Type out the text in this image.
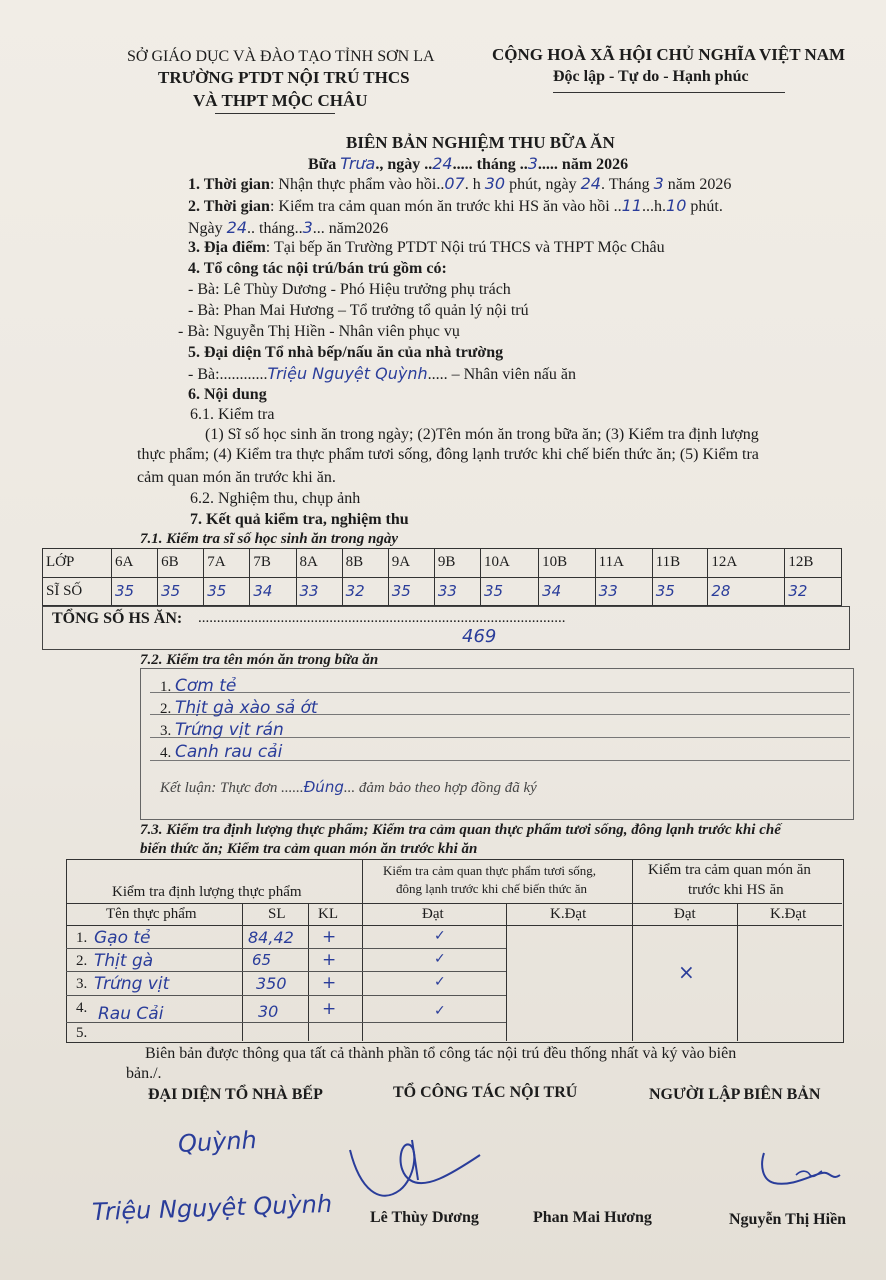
SỞ GIÁO DỤC VÀ ĐÀO TẠO TỈNH SƠN LA
TRƯỜNG PTDT NỘI TRÚ THCS
VÀ THPT MỘC CHÂU
CỘNG HOÀ XÃ HỘI CHỦ NGHĨA VIỆT NAM
Độc lập - Tự do - Hạnh phúc
BIÊN BẢN NGHIỆM THU BỮA ĂN
Bữa Trưa., ngày ..24..... tháng ..3..... năm 2026
1. Thời gian: Nhận thực phẩm vào hồi..07. h 30 phút, ngày 24. Tháng 3 năm 2026
2. Thời gian: Kiểm tra cảm quan món ăn trước khi HS ăn vào hồi ..11...h.10 phút.
Ngày 24.. tháng..3... năm2026
3. Địa điểm: Tại bếp ăn Trường PTDT Nội trú THCS và THPT Mộc Châu
4. Tổ công tác nội trú/bán trú gồm có:
- Bà: Lê Thùy Dương - Phó Hiệu trưởng phụ trách
- Bà: Phan Mai Hương – Tổ trưởng tổ quản lý nội trú
- Bà: Nguyễn Thị Hiền - Nhân viên phục vụ
5. Đại diện Tổ nhà bếp/nấu ăn của nhà trường
- Bà:............Triệu Nguyệt Quỳnh..... – Nhân viên nấu ăn
6. Nội dung
6.1. Kiểm tra
(1) Sĩ số học sinh ăn trong ngày; (2)Tên món ăn trong bữa ăn; (3) Kiểm tra định lượng
thực phẩm; (4) Kiểm tra thực phẩm tươi sống, đông lạnh trước khi chế biến thức ăn; (5) Kiểm tra
cảm quan món ăn trước khi ăn.
6.2. Nghiệm thu, chụp ảnh
7. Kết quả kiểm tra, nghiệm thu
7.1. Kiểm tra sĩ số học sinh ăn trong ngày
LỚP	6A	6B	7A	7B	8A	8B	9A	9B	10A	10B	11A	11B	12A	12B
SĨ SỐ	35	35	35	34	33	32	35	33	35	34	33	35	28	32
TỔNG SỐ HS ĂN: ..................................................................................................
469
7.2. Kiểm tra tên món ăn trong bữa ăn
1. Cơm tẻ
2. Thịt gà xào sả ớt
3. Trứng vịt rán
4. Canh rau cải
Kết luận: Thực đơn ......Đúng... đảm bảo theo hợp đồng đã ký
7.3. Kiểm tra định lượng thực phẩm; Kiểm tra cảm quan thực phẩm tươi sống, đông lạnh trước khi chế
biến thức ăn; Kiểm tra cảm quan món ăn trước khi ăn
Kiểm tra định lượng thực phẩm
Kiểm tra cảm quan thực phẩm tươi sống,
đông lạnh trước khi chế biến thức ăn
Kiểm tra cảm quan món ăn
trước khi HS ăn
Tên thực phẩm	SL KL	Đạt	K.Đạt	Đạt	K.Đạt
1. Gạo tẻ	84,42 +	✓
2. Thịt gà	65	+	✓
3. Trứng vịt	350 +	✓
4. Rau Cải	30	+	✓
5.
×
Biên bản được thông qua tất cả thành phần tổ công tác nội trú đều thống nhất và ký vào biên
bản./.
ĐẠI DIỆN TỔ NHÀ BẾP	TỔ CÔNG TÁC NỘI TRÚ	NGƯỜI LẬP BIÊN BẢN
Quỳnh
Triệu Nguyệt Quỳnh Lê Thùy Dương	Phan Mai Hương	Nguyễn Thị Hiền
